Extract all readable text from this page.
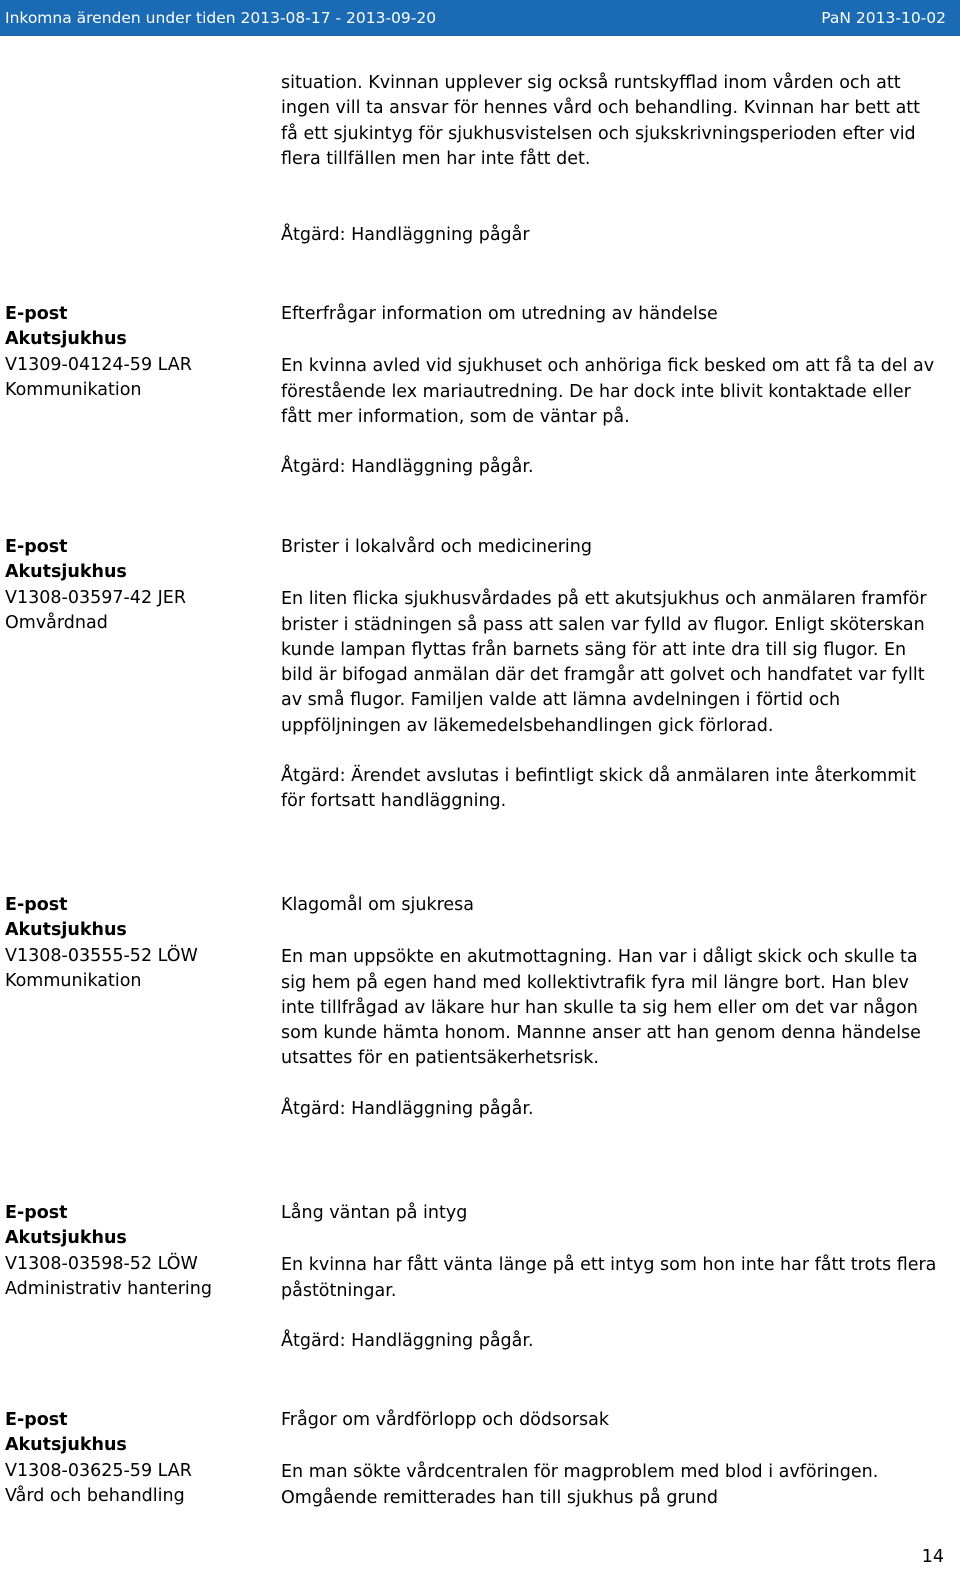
Inkomna ärenden under tiden 2013-08-17 - 2013-09-20	PaN 2013-10-02

situation. Kvinnan upplever sig också runtskyfflad inom vården och att ingen vill ta ansvar för hennes vård och behandling. Kvinnan har bett att få ett sjukintyg för sjukhusvistelsen och sjukskrivningsperioden efter vid flera tillfällen men har inte fått det.

Åtgärd: Handläggning pågår

E-post
Akutsjukhus
V1309-04124-59 LAR
Kommunikation

Efterfrågar information om utredning av händelse

En kvinna avled vid sjukhuset och anhöriga fick besked om att få ta del av förestående lex mariautredning. De har dock inte blivit kontaktade eller fått mer information, som de väntar på.

Åtgärd: Handläggning pågår.

E-post
Akutsjukhus
V1308-03597-42 JER
Omvårdnad

Brister i lokalvård och medicinering

En liten flicka sjukhusvårdades på ett akutsjukhus och anmälaren framför brister i städningen så pass att salen var fylld av flugor. Enligt sköterskan kunde lampan flyttas från barnets säng för att inte dra till sig flugor. En bild är bifogad anmälan där det framgår att golvet och handfatet var fyllt av små flugor. Familjen valde att lämna avdelningen i förtid och uppföljningen av läkemedelsbehandlingen gick förlorad.

Åtgärd: Ärendet avslutas i befintligt skick då anmälaren inte återkommit för fortsatt handläggning.

E-post
Akutsjukhus
V1308-03555-52 LÖW
Kommunikation

Klagomål om sjukresa

En man uppsökte en akutmottagning. Han var i dåligt skick och skulle ta sig hem på egen hand med kollektivtrafik fyra mil längre bort. Han blev inte tillfrågad av läkare hur han skulle ta sig hem eller om det var någon som kunde hämta honom. Mannne anser att han genom denna händelse utsattes för en patientsäkerhetsrisk.

Åtgärd: Handläggning pågår.

E-post
Akutsjukhus
V1308-03598-52 LÖW
Administrativ hantering

Lång väntan på intyg

En kvinna har fått vänta länge på ett intyg som hon inte har fått trots flera påstötningar.

Åtgärd: Handläggning pågår.

E-post
Akutsjukhus
V1308-03625-59 LAR
Vård och behandling

Frågor om vårdförlopp och dödsorsak

En man sökte vårdcentralen för magproblem med blod i avföringen. Omgående remitterades han till sjukhus på grund

14
